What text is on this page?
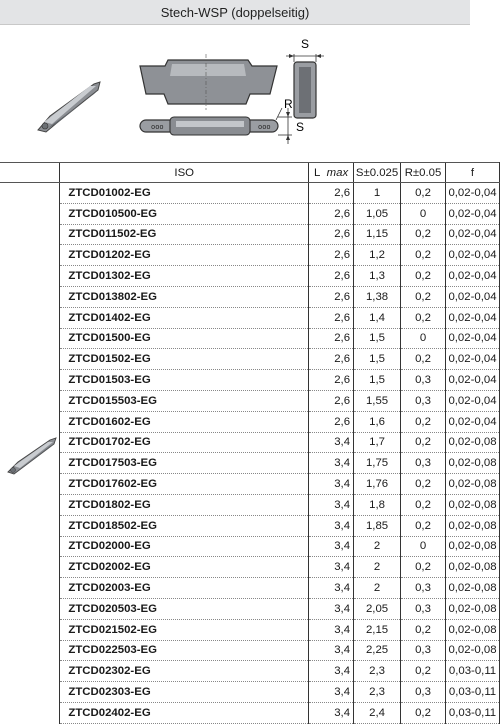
Stech-WSP (doppelseitig)
S
ooo	ooo
R
S
	ISO	L max	S±0.025	R±0.05	f
	ZTCD01002-EG	2,6	1	0,2	0,02-0,04
	ZTCD010500-EG	2,6	1,05	0	0,02-0,04
	ZTCD011502-EG	2,6	1,15	0,2	0,02-0,04
	ZTCD01202-EG	2,6	1,2	0,2	0,02-0,04
	ZTCD01302-EG	2,6	1,3	0,2	0,02-0,04
	ZTCD013802-EG	2,6	1,38	0,2	0,02-0,04
	ZTCD01402-EG	2,6	1,4	0,2	0,02-0,04
	ZTCD01500-EG	2,6	1,5	0	0,02-0,04
	ZTCD01502-EG	2,6	1,5	0,2	0,02-0,04
	ZTCD01503-EG	2,6	1,5	0,3	0,02-0,04
	ZTCD015503-EG	2,6	1,55	0,3	0,02-0,04
	ZTCD01602-EG	2,6	1,6	0,2	0,02-0,04
	ZTCD01702-EG	3,4	1,7	0,2	0,02-0,08
	ZTCD017503-EG	3,4	1,75	0,3	0,02-0,08
	ZTCD017602-EG	3,4	1,76	0,2	0,02-0,08
	ZTCD01802-EG	3,4	1,8	0,2	0,02-0,08
	ZTCD018502-EG	3,4	1,85	0,2	0,02-0,08
	ZTCD02000-EG	3,4	2	0	0,02-0,08
	ZTCD02002-EG	3,4	2	0,2	0,02-0,08
	ZTCD02003-EG	3,4	2	0,3	0,02-0,08
	ZTCD020503-EG	3,4	2,05	0,3	0,02-0,08
	ZTCD021502-EG	3,4	2,15	0,2	0,02-0,08
	ZTCD022503-EG	3,4	2,25	0,3	0,02-0,08
	ZTCD02302-EG	3,4	2,3	0,2	0,03-0,11
	ZTCD02303-EG	3,4	2,3	0,3	0,03-0,11
	ZTCD02402-EG	3,4	2,4	0,2	0,03-0,11
